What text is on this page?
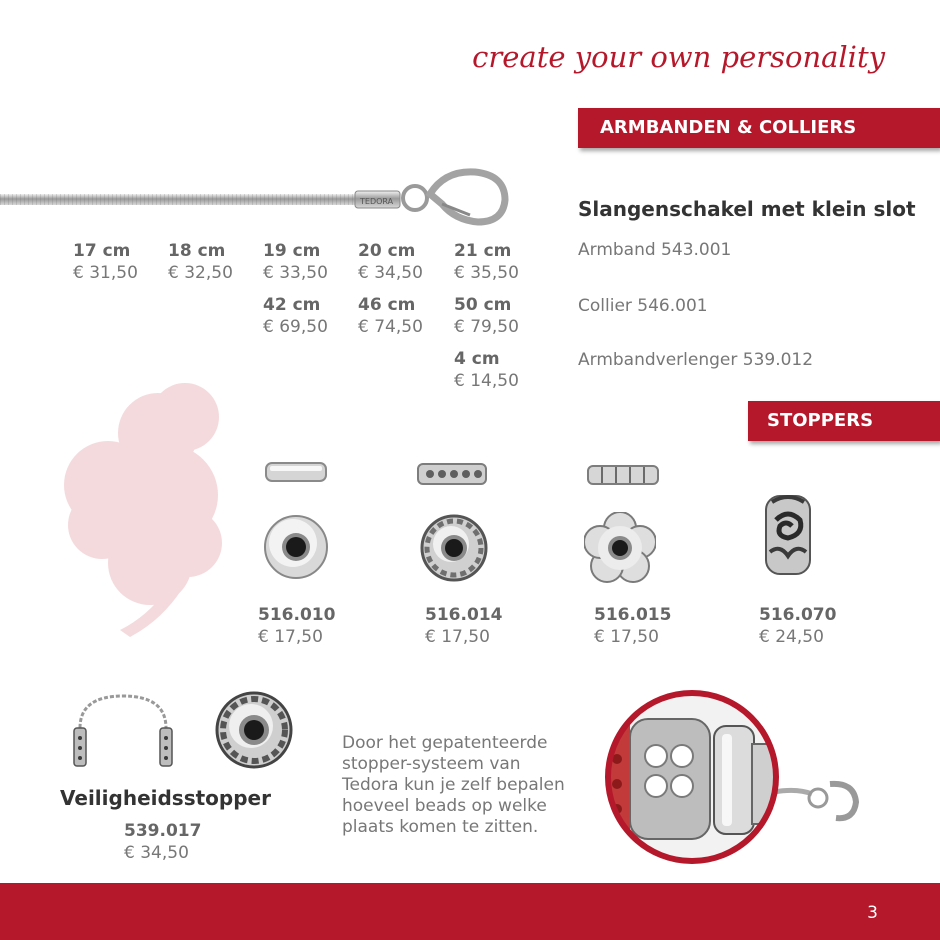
create your own personality
ARMBANDEN & COLLIERS
STOPPERS
TEDORA	Slangenschakel met klein slot
Armband 543.001
Collier 546.001
Armbandverlenger 539.012
17 cm
€ 31,50
18 cm
€ 32,50
19 cm
€ 33,50
20 cm
€ 34,50
21 cm
€ 35,50
42 cm
€ 69,50
46 cm
€ 74,50
50 cm
€ 79,50
4 cm
€ 14,50
516.010
€ 17,50
516.014
€ 17,50
516.015
€ 17,50
516.070
€ 24,50
Veiligheidsstopper
539.017
€ 34,50
Door het gepatenteerde
stopper-systeem van
Tedora kun je zelf bepalen
hoeveel beads op welke
plaats komen te zitten.
3
